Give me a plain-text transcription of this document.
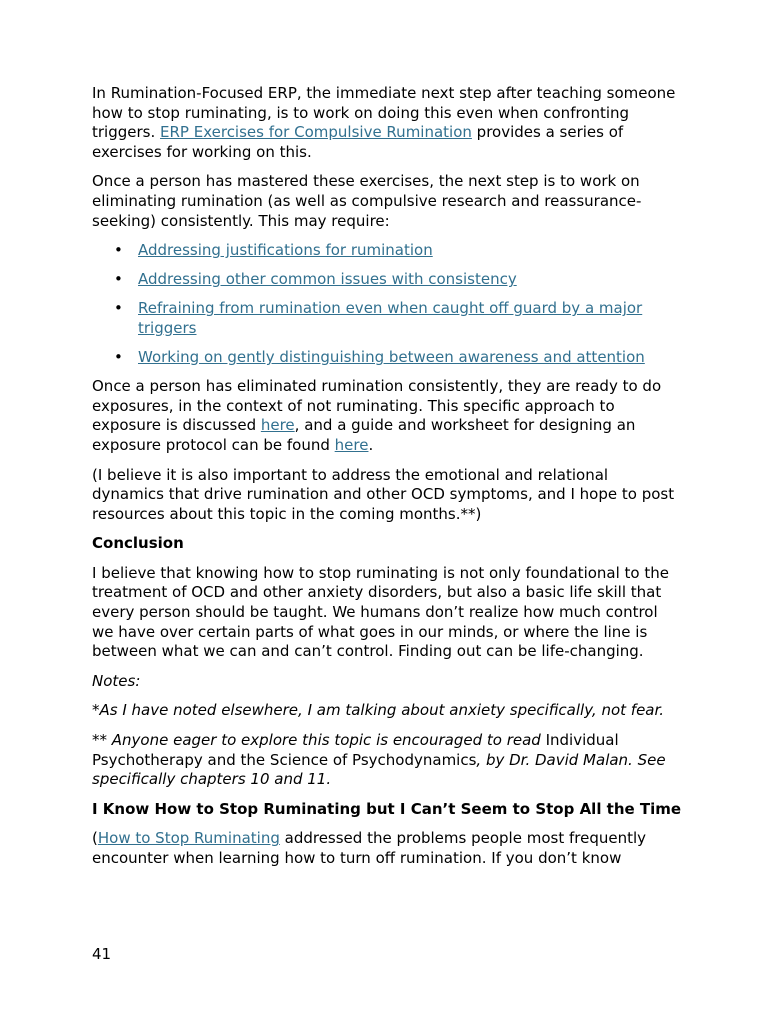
In Rumination-Focused ERP, the immediate next step after teaching someone how to stop ruminating, is to work on doing this even when confronting triggers. ERP Exercises for Compulsive Rumination provides a series of exercises for working on this.

Once a person has mastered these exercises, the next step is to work on eliminating rumination (as well as compulsive research and reassurance-seeking) consistently. This may require:

• Addressing justifications for rumination
• Addressing other common issues with consistency
• Refraining from rumination even when caught off guard by a major triggers
• Working on gently distinguishing between awareness and attention

Once a person has eliminated rumination consistently, they are ready to do exposures, in the context of not ruminating. This specific approach to exposure is discussed here, and a guide and worksheet for designing an exposure protocol can be found here.

(I believe it is also important to address the emotional and relational dynamics that drive rumination and other OCD symptoms, and I hope to post resources about this topic in the coming months.**)

Conclusion

I believe that knowing how to stop ruminating is not only foundational to the treatment of OCD and other anxiety disorders, but also a basic life skill that every person should be taught. We humans don’t realize how much control we have over certain parts of what goes in our minds, or where the line is between what we can and can’t control. Finding out can be life-changing.

Notes:

*As I have noted elsewhere, I am talking about anxiety specifically, not fear.

** Anyone eager to explore this topic is encouraged to read Individual Psychotherapy and the Science of Psychodynamics, by Dr. David Malan. See specifically chapters 10 and 11.

I Know How to Stop Ruminating but I Can’t Seem to Stop All the Time

(How to Stop Ruminating addressed the problems people most frequently encounter when learning how to turn off rumination. If you don’t know

41
